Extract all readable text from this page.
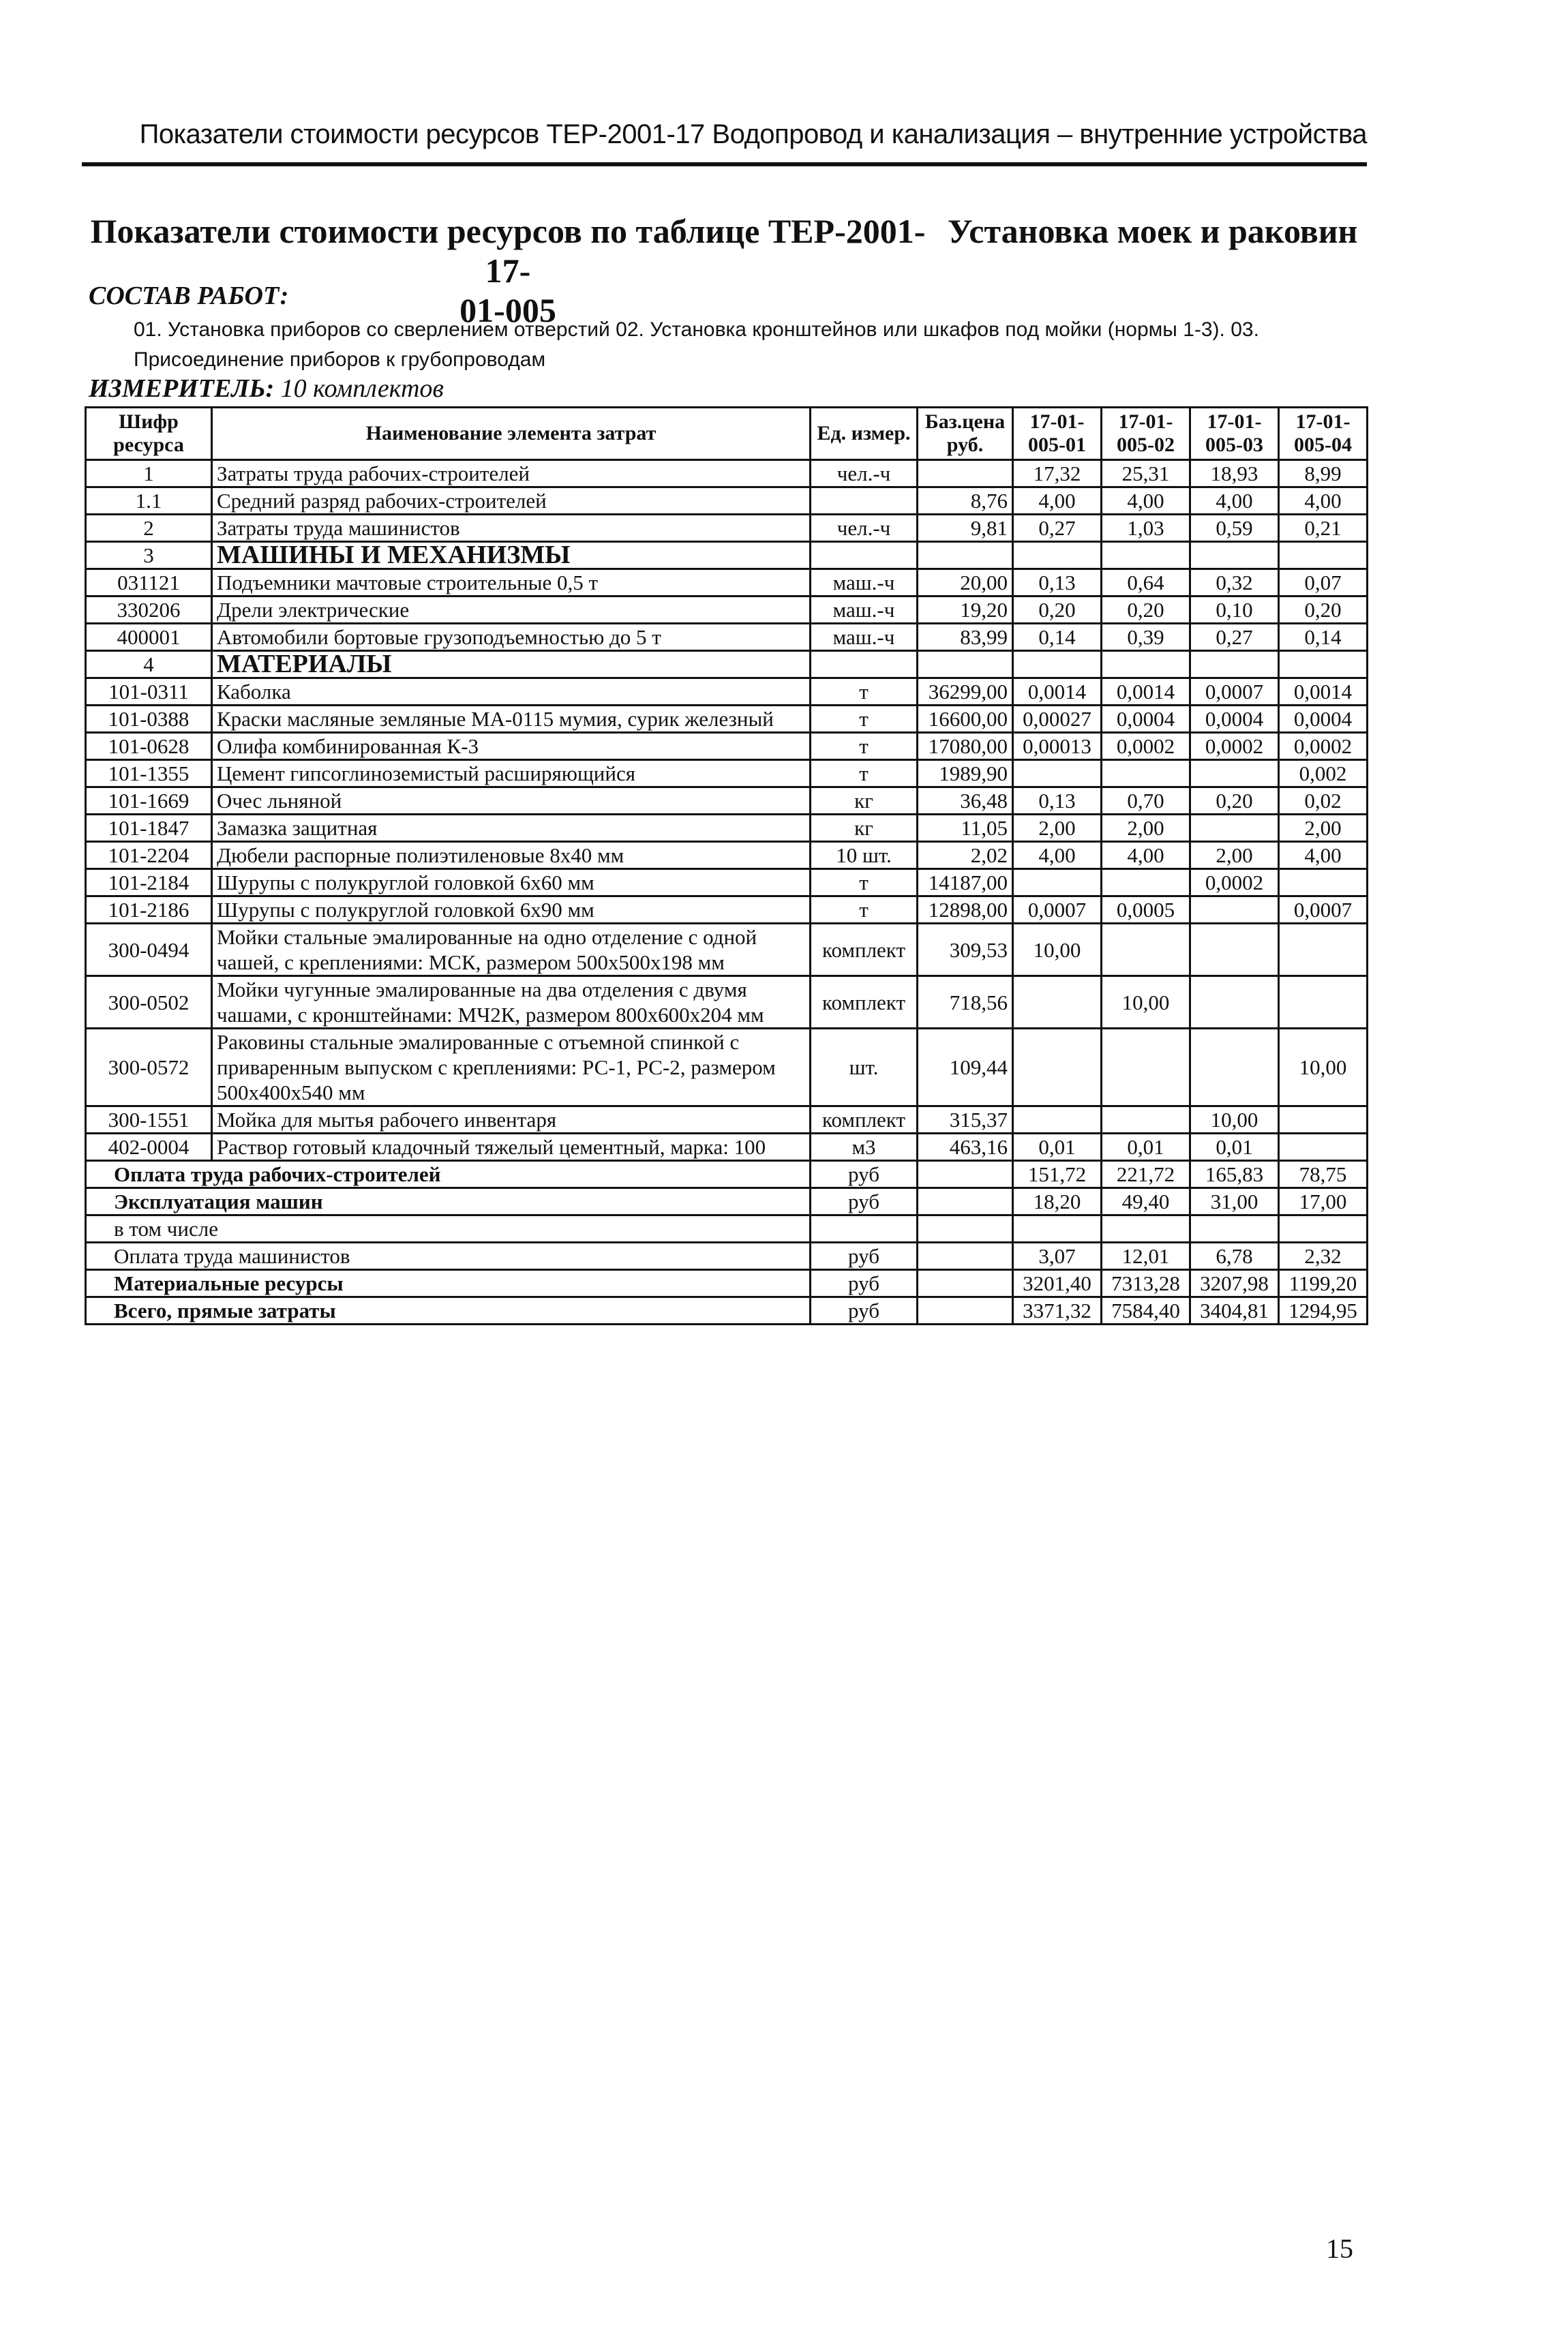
Показатели стоимости ресурсов ТЕР-2001-17 Водопровод и канализация – внутренние устройства
Показатели стоимости ресурсов по таблице ТЕР-2001-17-
01-005
Установка моек и раковин
СОСТАВ РАБОТ:
01. Установка приборов со сверлением отверстий 02. Установка кронштейнов или шкафов под мойки (нормы 1-3). 03. Присоединение приборов к грубопроводам
ИЗМЕРИТЕЛЬ: 10 комплектов
Шифр ресурса	Наименование элемента затрат	Ед. измер.	Баз.цена руб.	17-01-005-01	17-01-005-02	17-01-005-03	17-01-005-04
1	Затраты труда рабочих-строителей	чел.-ч		17,32	25,31	18,93	8,99
1.1	Средний разряд рабочих-строителей		8,76	4,00	4,00	4,00	4,00
2	Затраты труда машинистов	чел.-ч	9,81	0,27	1,03	0,59	0,21
3	МАШИНЫ И МЕХАНИЗМЫ						
031121	Подъемники мачтовые строительные 0,5 т	маш.-ч	20,00	0,13	0,64	0,32	0,07
330206	Дрели электрические	маш.-ч	19,20	0,20	0,20	0,10	0,20
400001	Автомобили бортовые грузоподъемностью до 5 т	маш.-ч	83,99	0,14	0,39	0,27	0,14
4	МАТЕРИАЛЫ						
101-0311	Каболка	т	36299,00	0,0014	0,0014	0,0007	0,0014
101-0388	Краски масляные земляные МА-0115 мумия, сурик железный	т	16600,00	0,00027	0,0004	0,0004	0,0004
101-0628	Олифа комбинированная К-3	т	17080,00	0,00013	0,0002	0,0002	0,0002
101-1355	Цемент гипсоглиноземистый расширяющийся	т	1989,90				0,002
101-1669	Очес льняной	кг	36,48	0,13	0,70	0,20	0,02
101-1847	Замазка защитная	кг	11,05	2,00	2,00		2,00
101-2204	Дюбели распорные полиэтиленовые 8х40 мм	10 шт.	2,02	4,00	4,00	2,00	4,00
101-2184	Шурупы с полукруглой головкой 6х60 мм	т	14187,00			0,0002	
101-2186	Шурупы с полукруглой головкой 6х90 мм	т	12898,00	0,0007	0,0005		0,0007
300-0494	Мойки стальные эмалированные на одно отделение с одной чашей, с креплениями: МСК, размером 500х500х198 мм	комплект	309,53	10,00			
300-0502	Мойки чугунные эмалированные на два отделения с двумя чашами, с кронштейнами: МЧ2К, размером 800х600х204 мм	комплект	718,56		10,00		
300-0572	Раковины стальные эмалированные с отъемной спинкой с приваренным выпуском с креплениями: РС-1, РС-2, размером 500х400х540 мм	шт.	109,44				10,00
300-1551	Мойка для мытья рабочего инвентаря	комплект	315,37			10,00	
402-0004	Раствор готовый кладочный тяжелый цементный, марка: 100	м3	463,16	0,01	0,01	0,01	
Оплата труда рабочих-строителей		руб		151,72	221,72	165,83	78,75
Эксплуатация машин		руб		18,20	49,40	31,00	17,00
в том числе							
Оплата труда машинистов		руб		3,07	12,01	6,78	2,32
Материальные ресурсы		руб		3201,40	7313,28	3207,98	1199,20
Всего, прямые затраты		руб		3371,32	7584,40	3404,81	1294,95
15
